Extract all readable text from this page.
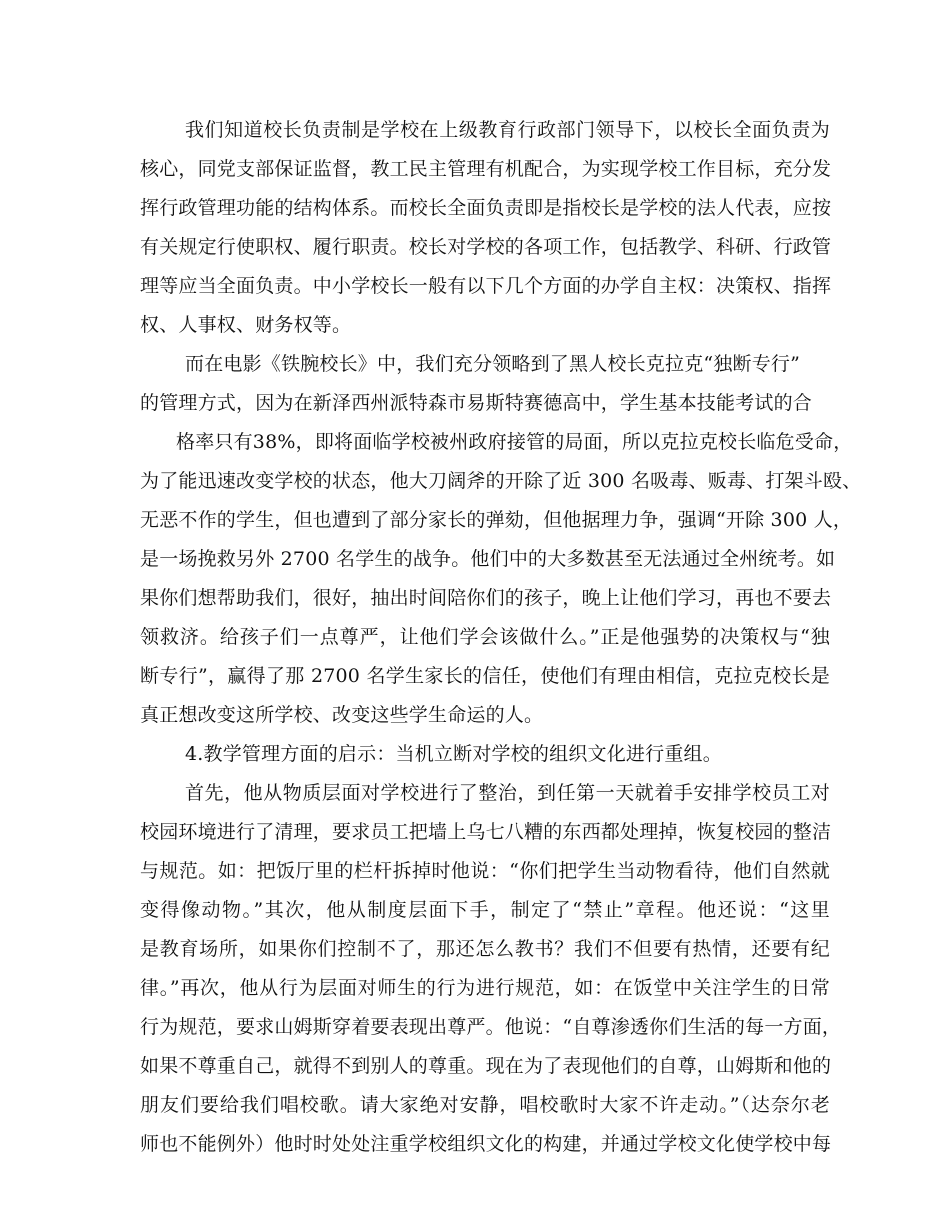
我们知道校长负责制是学校在上级教育行政部门领导下，以校长全面负责为
核心，同党支部保证监督，教工民主管理有机配合，为实现学校工作目标，充分发
挥行政管理功能的结构体系。而校长全面负责即是指校长是学校的法人代表，应按
有关规定行使职权、履行职责。校长对学校的各项工作，包括教学、科研、行政管
理等应当全面负责。中小学校长一般有以下几个方面的办学自主权：决策权、指挥
权、人事权、财务权等。
而在电影《铁腕校长》中，我们充分领略到了黑人校长克拉克“独断专行”
的管理方式，因为在新泽西州派特森市易斯特赛德高中，学生基本技能考试的合
格率只有38%，即将面临学校被州政府接管的局面，所以克拉克校长临危受命，
为了能迅速改变学校的状态，他大刀阔斧的开除了近 300 名吸毒、贩毒、打架斗殴、
无恶不作的学生，但也遭到了部分家长的弹劾，但他据理力争，强调“开除 300 人，
是一场挽救另外 2700 名学生的战争。他们中的大多数甚至无法通过全州统考。如
果你们想帮助我们，很好，抽出时间陪你们的孩子，晚上让他们学习，再也不要去
领救济。给孩子们一点尊严，让他们学会该做什么。”正是他强势的决策权与“独
断专行”，赢得了那 2700 名学生家长的信任，使他们有理由相信，克拉克校长是
真正想改变这所学校、改变这些学生命运的人。
4.教学管理方面的启示：当机立断对学校的组织文化进行重组。
首先，他从物质层面对学校进行了整治，到任第一天就着手安排学校员工对
校园环境进行了清理，要求员工把墙上乌七八糟的东西都处理掉，恢复校园的整洁
与规范。如：把饭厅里的栏杆拆掉时他说：“你们把学生当动物看待，他们自然就
变得像动物。”其次，他从制度层面下手，制定了“禁止”章程。他还说：“这里
是教育场所，如果你们控制不了，那还怎么教书？我们不但要有热情，还要有纪
律。”再次，他从行为层面对师生的行为进行规范，如：在饭堂中关注学生的日常
行为规范，要求山姆斯穿着要表现出尊严。他说：“自尊渗透你们生活的每一方面，
如果不尊重自己，就得不到别人的尊重。现在为了表现他们的自尊，山姆斯和他的
朋友们要给我们唱校歌。请大家绝对安静，唱校歌时大家不许走动。”（达奈尔老
师也不能例外）他时时处处注重学校组织文化的构建，并通过学校文化使学校中每
